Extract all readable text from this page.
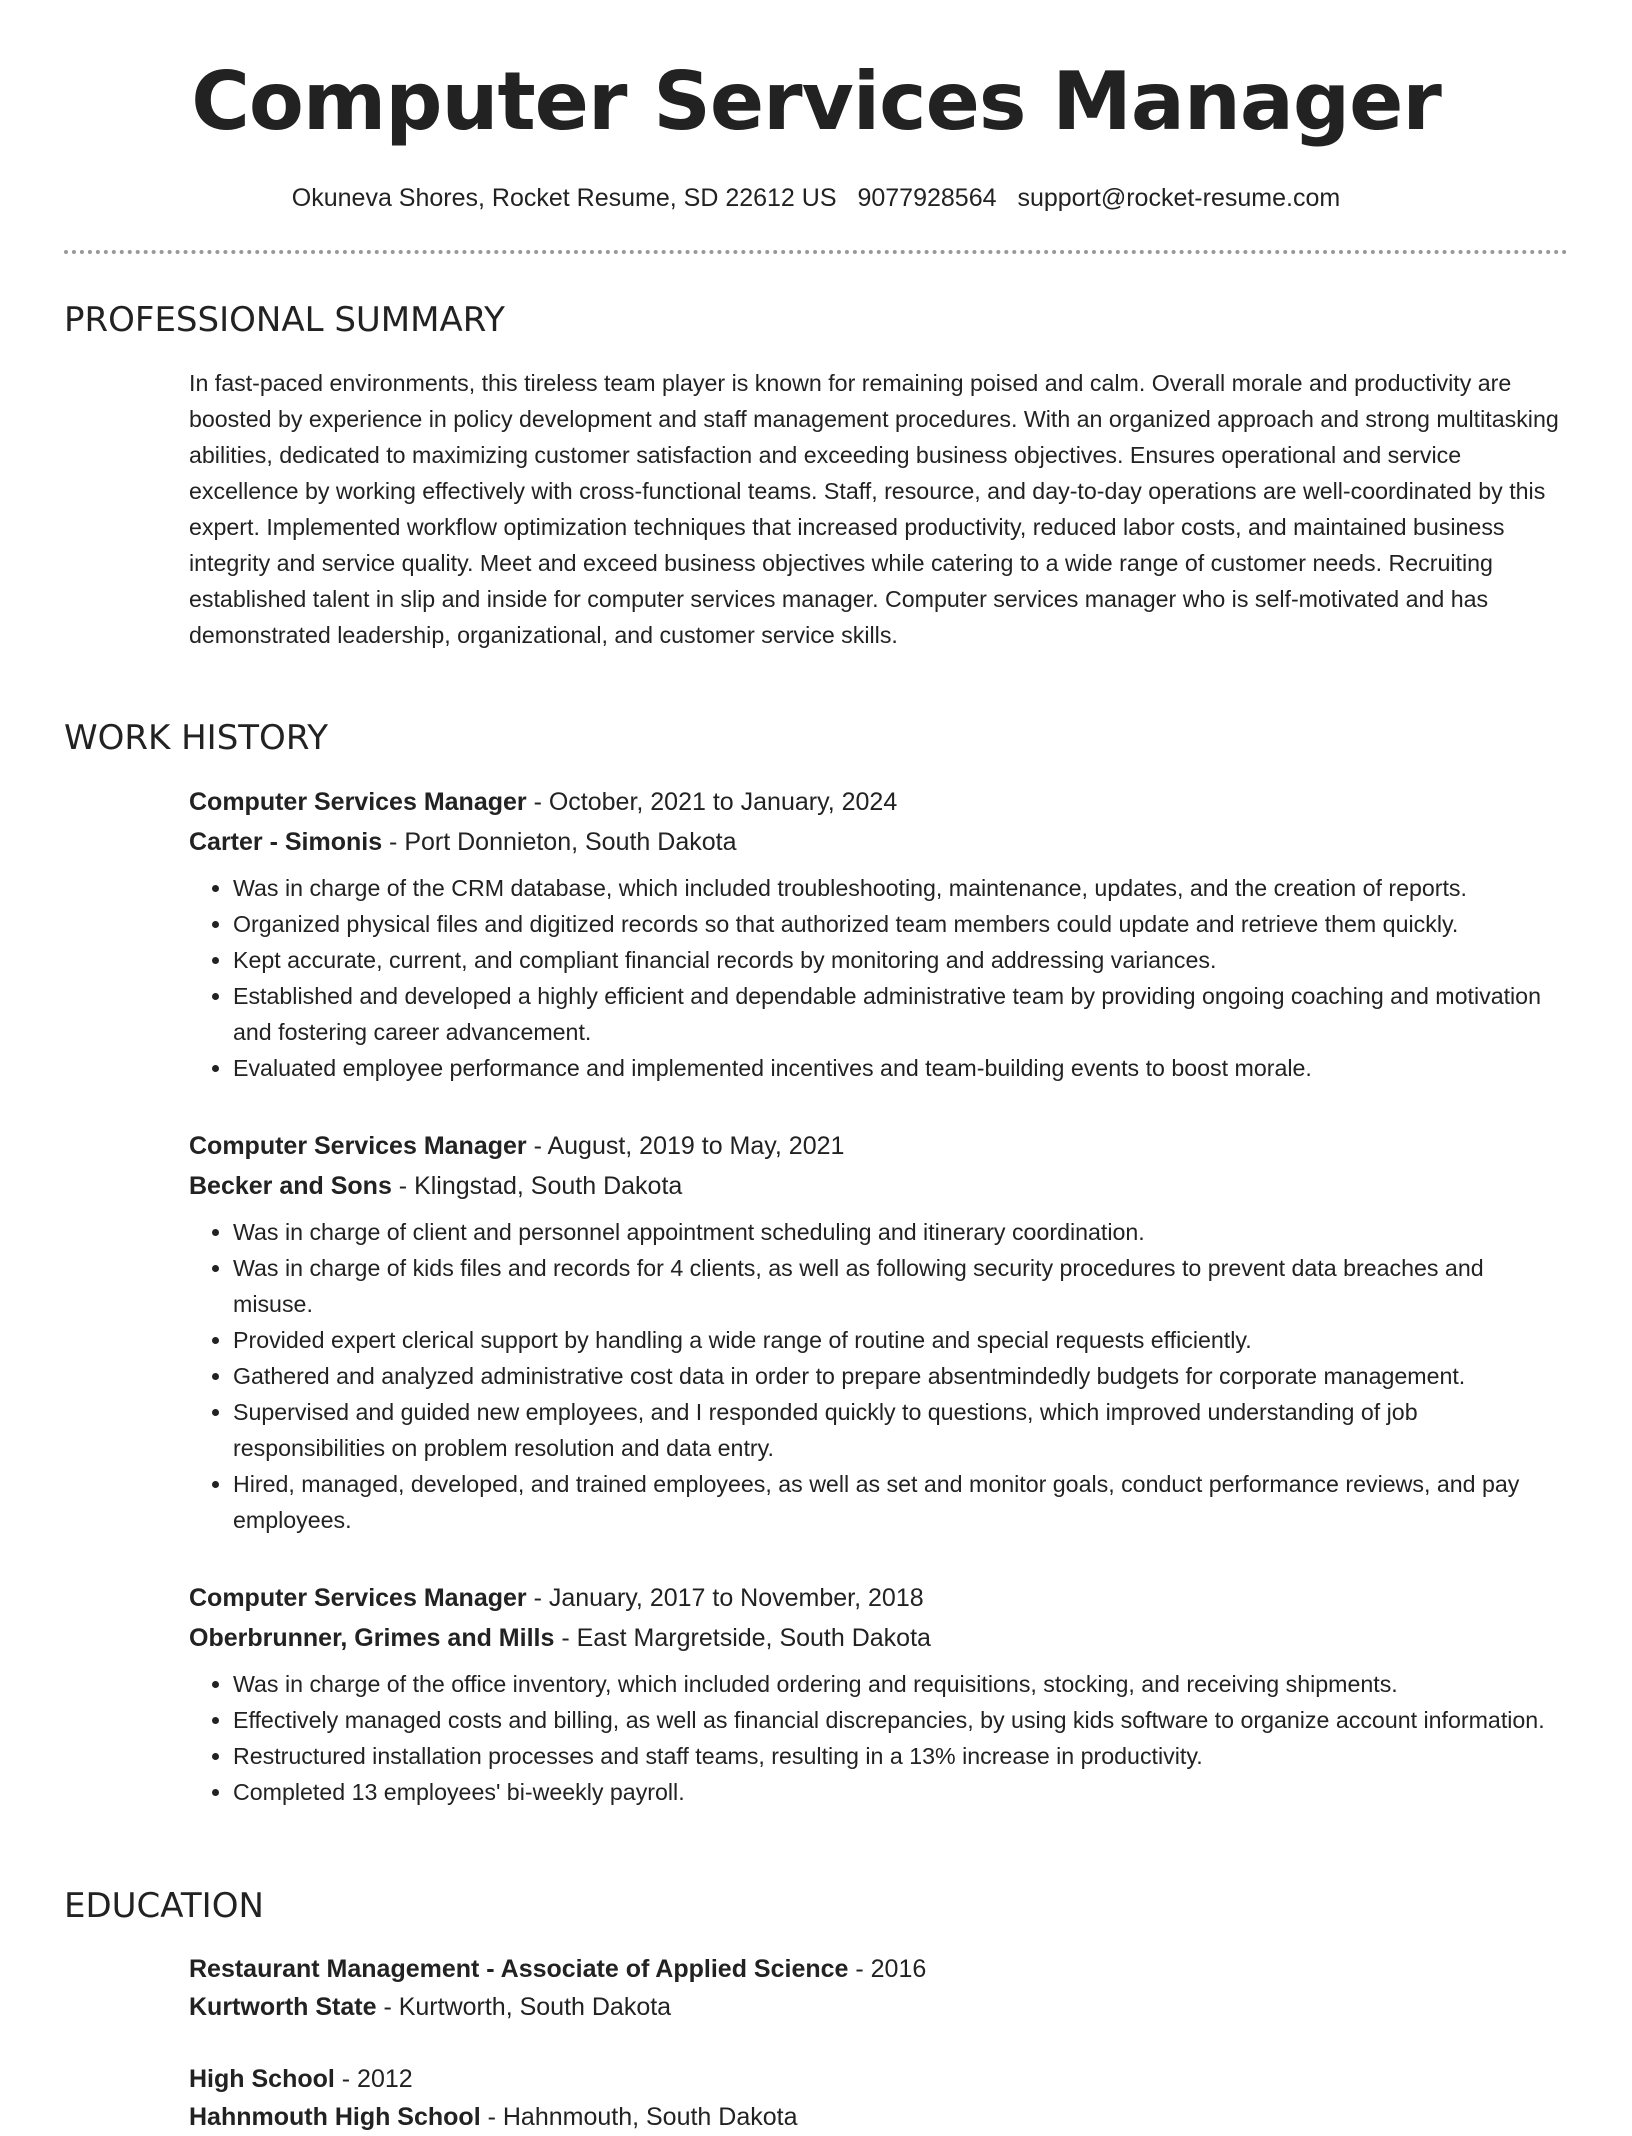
Computer Services Manager
Okuneva Shores, Rocket Resume, SD 22612 US 9077928564 support@rocket-resume.com
PROFESSIONAL SUMMARY
In fast-paced environments, this tireless team player is known for remaining poised and calm. Overall morale and productivity are boosted by experience in policy development and staff management procedures. With an organized approach and strong multitasking abilities, dedicated to maximizing customer satisfaction and exceeding business objectives. Ensures operational and service excellence by working effectively with cross-functional teams. Staff, resource, and day-to-day operations are well-coordinated by this expert. Implemented workflow optimization techniques that increased productivity, reduced labor costs, and maintained business integrity and service quality. Meet and exceed business objectives while catering to a wide range of customer needs. Recruiting established talent in slip and inside for computer services manager. Computer services manager who is self-motivated and has demonstrated leadership, organizational, and customer service skills.
WORK HISTORY
Computer Services Manager - October, 2021 to January, 2024
Carter - Simonis - Port Donnieton, South Dakota
• Was in charge of the CRM database, which included troubleshooting, maintenance, updates, and the creation of reports.
• Organized physical files and digitized records so that authorized team members could update and retrieve them quickly.
• Kept accurate, current, and compliant financial records by monitoring and addressing variances.
• Established and developed a highly efficient and dependable administrative team by providing ongoing coaching and motivation and fostering career advancement.
• Evaluated employee performance and implemented incentives and team-building events to boost morale.
Computer Services Manager - August, 2019 to May, 2021
Becker and Sons - Klingstad, South Dakota
• Was in charge of client and personnel appointment scheduling and itinerary coordination.
• Was in charge of kids files and records for 4 clients, as well as following security procedures to prevent data breaches and misuse.
• Provided expert clerical support by handling a wide range of routine and special requests efficiently.
• Gathered and analyzed administrative cost data in order to prepare absentmindedly budgets for corporate management.
• Supervised and guided new employees, and I responded quickly to questions, which improved understanding of job responsibilities on problem resolution and data entry.
• Hired, managed, developed, and trained employees, as well as set and monitor goals, conduct performance reviews, and pay employees.
Computer Services Manager - January, 2017 to November, 2018
Oberbrunner, Grimes and Mills - East Margretside, South Dakota
• Was in charge of the office inventory, which included ordering and requisitions, stocking, and receiving shipments.
• Effectively managed costs and billing, as well as financial discrepancies, by using kids software to organize account information.
• Restructured installation processes and staff teams, resulting in a 13% increase in productivity.
• Completed 13 employees' bi-weekly payroll.
EDUCATION
Restaurant Management - Associate of Applied Science - 2016
Kurtworth State - Kurtworth, South Dakota
High School - 2012
Hahnmouth High School - Hahnmouth, South Dakota
